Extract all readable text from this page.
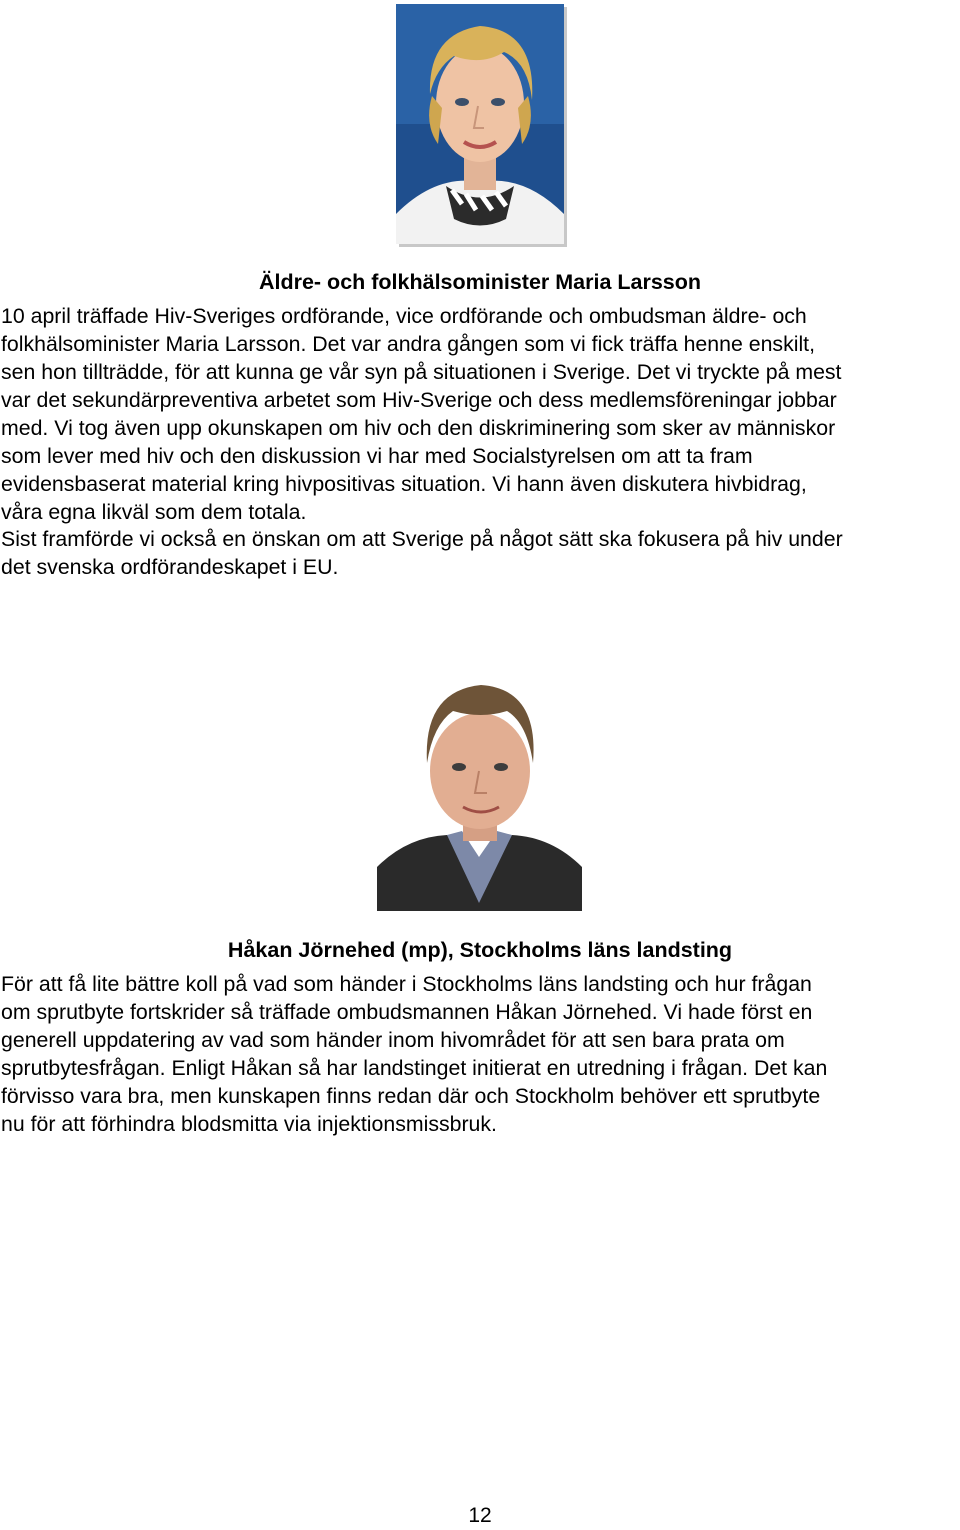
Äldre- och folkhälsominister Maria Larsson

10 april träffade Hiv-Sveriges ordförande, vice ordförande och ombudsman äldre- och
folkhälsominister Maria Larsson. Det var andra gången som vi fick träffa henne enskilt,
sen hon tillträdde, för att kunna ge vår syn på situationen i Sverige. Det vi tryckte på mest
var det sekundärpreventiva arbetet som Hiv-Sverige och dess medlemsföreningar jobbar
med. Vi tog även upp okunskapen om hiv och den diskriminering som sker av människor
som lever med hiv och den diskussion vi har med Socialstyrelsen om att ta fram
evidensbaserat material kring hivpositivas situation. Vi hann även diskutera hivbidrag,
våra egna likväl som dem totala.

Sist framförde vi också en önskan om att Sverige på något sätt ska fokusera på hiv under
det svenska ordförandeskapet i EU.

Håkan Jörnehed (mp), Stockholms läns landsting

För att få lite bättre koll på vad som händer i Stockholms läns landsting och hur frågan
om sprutbyte fortskrider så träffade ombudsmannen Håkan Jörnehed. Vi hade först en
generell uppdatering av vad som händer inom hivområdet för att sen bara prata om
sprutbytesfrågan. Enligt Håkan så har landstinget initierat en utredning i frågan. Det kan
förvisso vara bra, men kunskapen finns redan där och Stockholm behöver ett sprutbyte
nu för att förhindra blodsmitta via injektionsmissbruk.

12
